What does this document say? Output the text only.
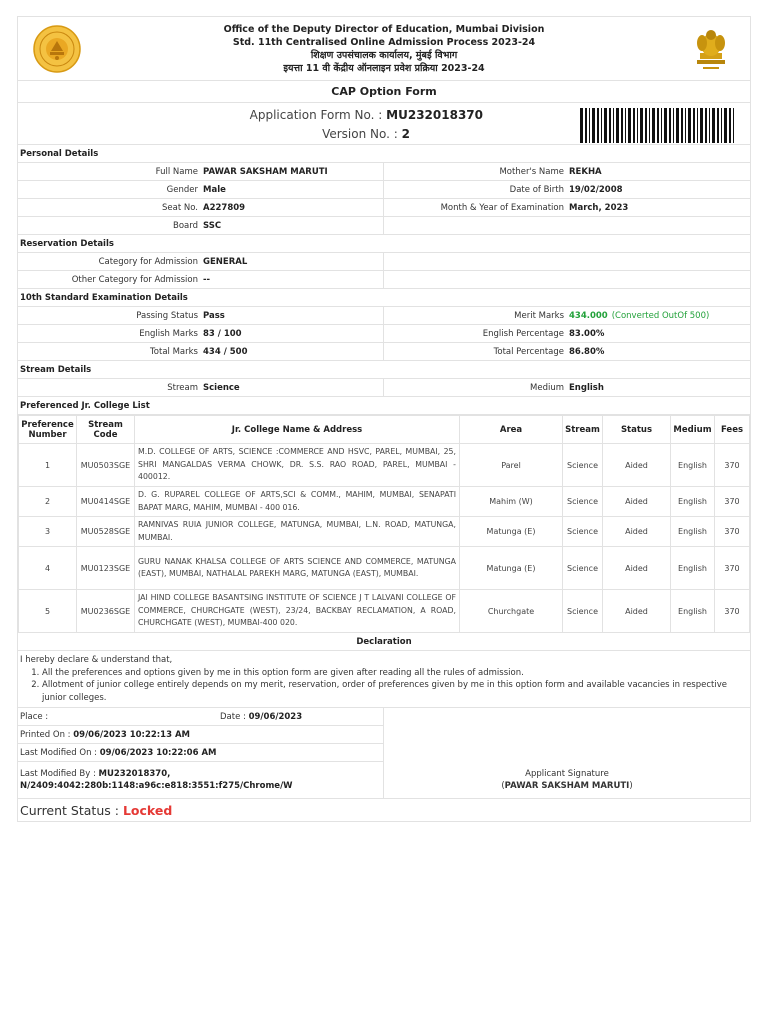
Office of the Deputy Director of Education, Mumbai Division
Std. 11th Centralised Online Admission Process 2023-24
शिक्षण उपसंचालक कार्यालय, मुंबई विभाग
इयत्ता 11 वी केंद्रीय ऑनलाइन प्रवेश प्रक्रिया 2023-24
CAP Option Form
Application Form No. : MU232018370
Version No. : 2
Personal Details
Full Name PAWAR SAKSHAM MARUTI	Mother's Name REKHA
Gender Male	Date of Birth 19/02/2008
Seat No. A227809	Month & Year of Examination March, 2023
Board SSC
Reservation Details
Category for Admission GENERAL
Other Category for Admission --
10th Standard Examination Details
Passing Status Pass	Merit Marks 434.000 (Converted OutOf 500)
English Marks 83 / 100	English Percentage 83.00%
Total Marks 434 / 500	Total Percentage 86.80%
Stream Details
Stream Science	Medium English
Preferenced Jr. College List
Preference Number	Stream Code	Jr. College Name & Address	Area	Stream	Status	Medium	Fees
1	MU0503SGE	M.D. COLLEGE OF ARTS, SCIENCE :COMMERCE AND HSVC, PAREL, MUMBAI, 25, SHRI MANGALDAS VERMA CHOWK, DR. S.S. RAO ROAD, PAREL, MUMBAI - 400012.	Parel	Science	Aided	English	370
2	MU0414SGE	D. G. RUPAREL COLLEGE OF ARTS,SCI & COMM., MAHIM, MUMBAI, SENAPATI BAPAT MARG, MAHIM, MUMBAI - 400 016.	Mahim (W)	Science	Aided	English	370
3	MU0528SGE	RAMNIVAS RUIA JUNIOR COLLEGE, MATUNGA, MUMBAI, L.N. ROAD, MATUNGA, MUMBAI.	Matunga (E)	Science	Aided	English	370
4	MU0123SGE	GURU NANAK KHALSA COLLEGE OF ARTS SCIENCE AND COMMERCE, MATUNGA (EAST), MUMBAI, NATHALAL PAREKH MARG, MATUNGA (EAST), MUMBAI.	Matunga (E)	Science	Aided	English	370
5	MU0236SGE	JAI HIND COLLEGE BASANTSING INSTITUTE OF SCIENCE J T LALVANI COLLEGE OF COMMERCE, CHURCHGATE (WEST), 23/24, BACKBAY RECLAMATION, A ROAD, CHURCHGATE (WEST), MUMBAI-400 020.	Churchgate	Science	Aided	English	370
Declaration
I hereby declare & understand that,
1. All the preferences and options given by me in this option form are given after reading all the rules of admission.
2. Allotment of junior college entirely depends on my merit, reservation, order of preferences given by me in this option form and available vacancies in respective junior colleges.
Place :	Date :
09/06/2023
Printed On :
09/06/2023 10:22:13 AM
Last Modified On :
09/06/2023 10:22:06 AM
Last Modified By : MU232018370,
N/2409:4042:280b:1148:a96c:e818:3551:f275/Chrome/W
Applicant Signature
(PAWAR SAKSHAM MARUTI)
Current Status : Locked
